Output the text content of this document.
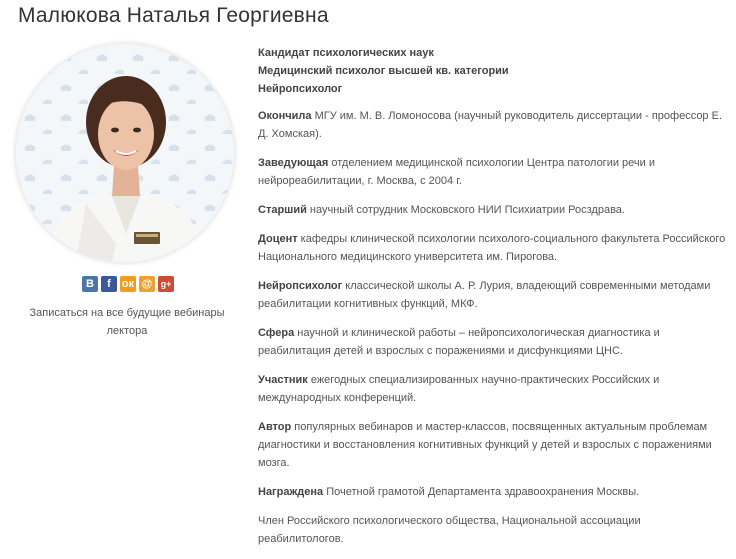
Малюкова Наталья Георгиевна
В	f	ок @ g+
Записаться на все будущие вебинары лектора

Кандидат психологических наук

Медицинский психолог высшей кв. категории

Нейропсихолог

Окончила МГУ им. М. В. Ломоносова (научный руководитель диссертации - профессор Е. Д. Хомская).

Заведующая отделением медицинской психологии Центра патологии речи и нейрореабилитации, г. Москва, с 2004 г.

Старший научный сотрудник Московского НИИ Психиатрии Росздрава.

Доцент кафедры клинической психологии психолого-социального факультета Российского Национального медицинского университета им. Пирогова.

Нейропсихолог классической школы А. Р. Лурия, владеющий современными методами реабилитации когнитивных функций, МКФ.

Сфера научной и клинической работы – нейропсихологическая диагностика и реабилитация детей и взрослых с поражениями и дисфункциями ЦНС.

Участник ежегодных специализированных научно-практических Российских и международных конференций.

Автор популярных вебинаров и мастер-классов, посвященных актуальным проблемам диагностики и восстановления когнитивных функций у детей и взрослых с поражениями мозга.

Награждена Почетной грамотой Департамента здравоохранения Москвы.

Член Российского психологического общества, Национальной ассоциации реабилитологов.
